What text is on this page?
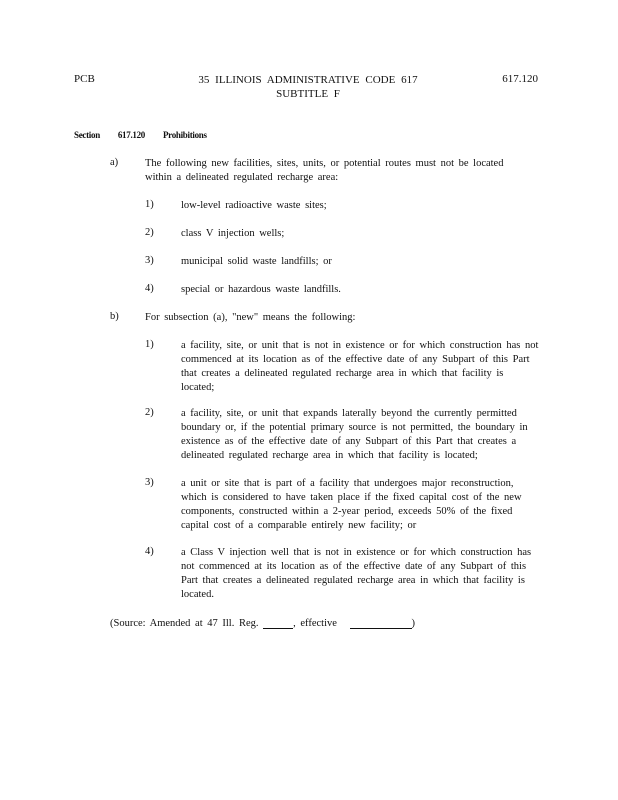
PCB	35 ILLINOIS ADMINISTRATIVE CODE 617
SUBTITLE F
617.120
Section 617.120 Prohibitions
a)	The following new facilities, sites, units, or potential routes must not be located within a delineated regulated recharge area:
1)	low-level radioactive waste sites;
2)	class V injection wells;
3)	municipal solid waste landfills; or
4)	special or hazardous waste landfills.
b)	For subsection (a), "new" means the following:
1)	a facility, site, or unit that is not in existence or for which construction has not commenced at its location as of the effective date of any Subpart of this Part that creates a delineated regulated recharge area in which that facility is located;
2)	a facility, site, or unit that expands laterally beyond the currently permitted boundary or, if the potential primary source is not permitted, the boundary in existence as of the effective date of any Subpart of this Part that creates a delineated regulated recharge area in which that facility is located;
3)	a unit or site that is part of a facility that undergoes major reconstruction, which is considered to have taken place if the fixed capital cost of the new components, constructed within a 2-year period, exceeds 50% of the fixed capital cost of a comparable entirely new facility; or
4)	a Class V injection well that is not in existence or for which construction has not commenced at its location as of the effective date of any Subpart of this Part that creates a delineated regulated recharge area in which that facility is located.
(Source: Amended at 47 Ill. Reg.	, effective	)
